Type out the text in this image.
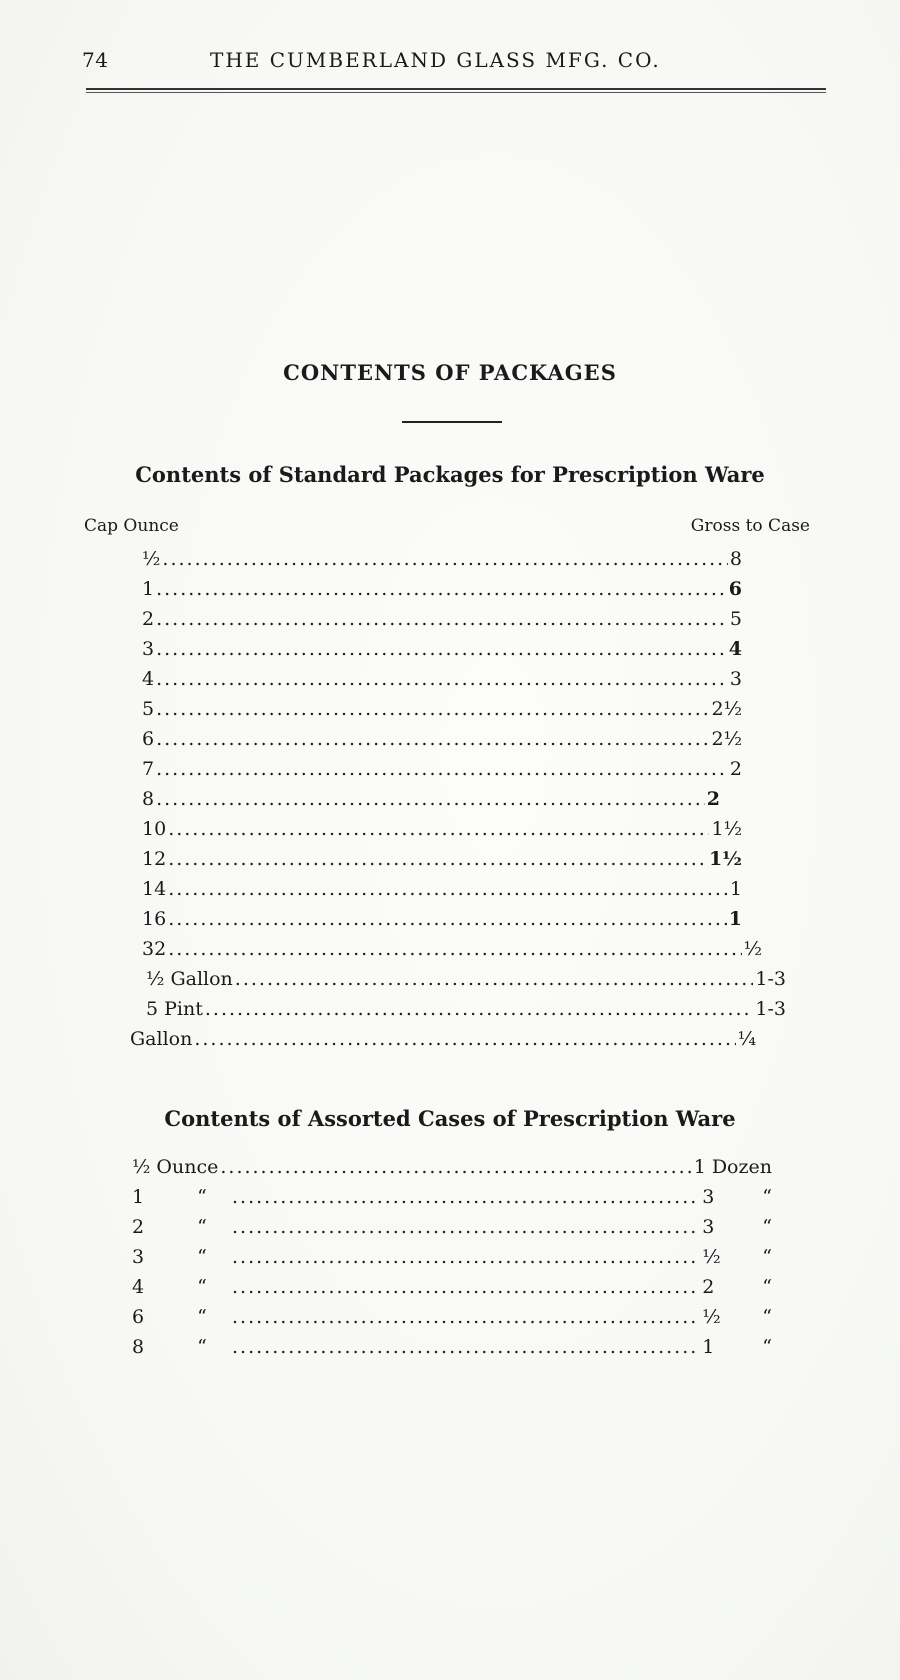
74	THE CUMBERLAND GLASS MFG. CO.
CONTENTS OF PACKAGES
Contents of Standard Packages for Prescription Ware
Cap Ounce	Gross to Case
½ .....	8
1 .....	6
2 .....	5
3 .....	4
4 .....	3
5 .....	2½
6 .....	2½
7 .....	2
8 .....	2
10 .....	1½
12 .....	1½
14 .....	1
16 .....	1
32 .....	½
½ Gallon .....	1-3
5 Pint .....	1-3
Gallon .....	¼
Contents of Assorted Cases of Prescription Ware
½ Ounce .....	1 Dozen
1	“ .....	3	“
2	“ .....	3	“
3	“ .....	½	“
4	“ .....	2	“
6	“ .....	½	“
8	“ .....	1	“
